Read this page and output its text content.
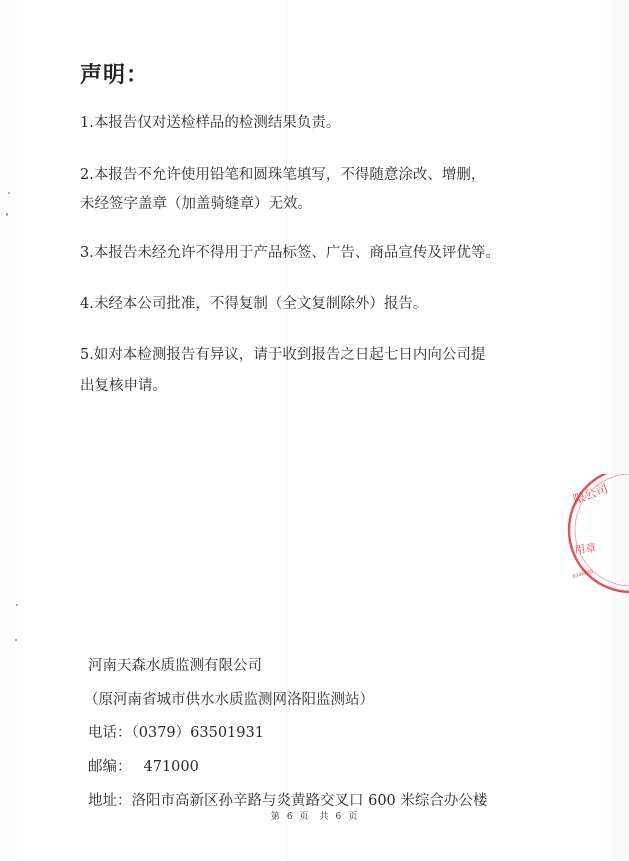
声明：
1.本报告仅对送检样品的检测结果负责。
2.本报告不允许使用铅笔和圆珠笔填写，不得随意涂改、增删，
未经签字盖章（加盖骑缝章）无效。
3.本报告未经允许不得用于产品标签、广告、商品宣传及评优等。
4.未经本公司批准，不得复制（全文复制除外）报告。
5.如对本检测报告有异议，请于收到报告之日起七日内向公司提
出复核申请。
限公司
用章
0340088
河南天森水质监测有限公司
（原河南省城市供水水质监测网洛阳监测站）
电话：（0379）63501931
邮编： 471000
地址：洛阳市高新区孙辛路与炎黄路交叉口 600 米综合办公楼
第 6 页 共 6 页
